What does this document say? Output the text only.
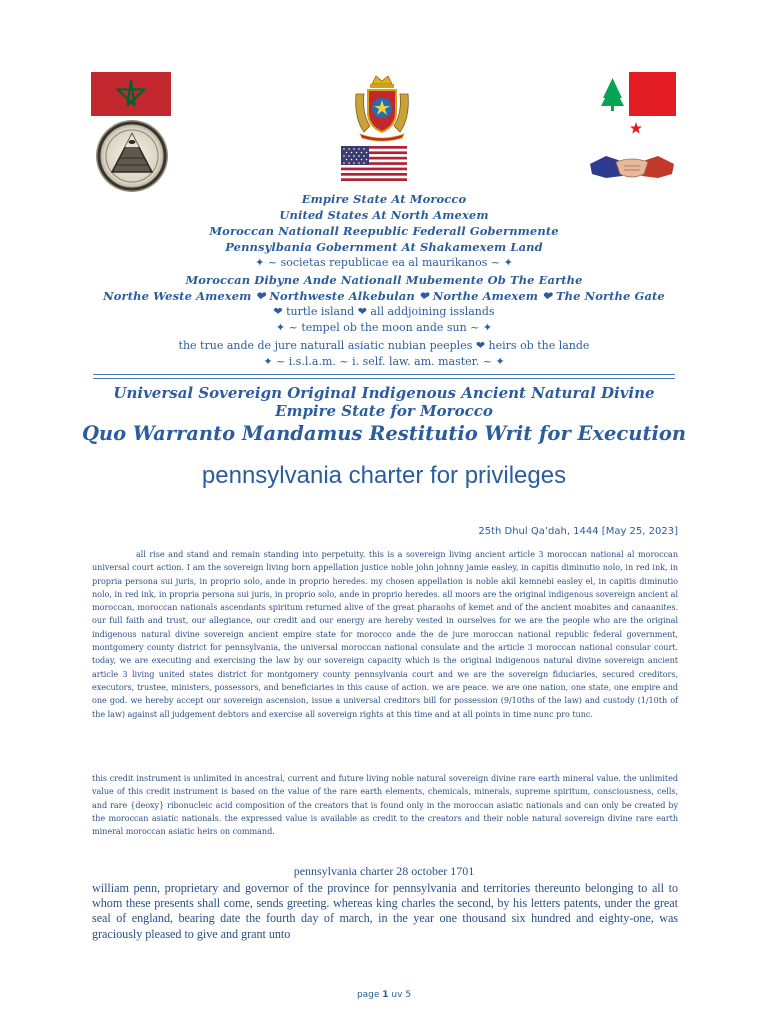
Empire State At Morocco
United States At North Amexem
Moroccan Nationall Reepublic Federall Gobernmente
Pennsylbania Gobernment At Shakamexem Land
✦ ~ societas republicae ea al maurikanos ~ ✦
Moroccan Dibyne Ande Nationall Mubemente Ob The Earthe
Northe Weste Amexem ❤ Northweste Alkebulan ❤ Northe Amexem ❤ The Northe Gate
❤ turtle island ❤ all addjoining isslands
✦ ~ tempel ob the moon ande sun ~ ✦
the true ande de jure naturall asiatic nubian peeples ❤ heirs ob the lande
✦ ~ i.s.l.a.m. ~ i. self. law. am. master. ~ ✦
Universal Sovereign Original Indigenous Ancient Natural Divine
Empire State for Morocco
Quo Warranto Mandamus Restitutio Writ for Execution
pennsylvania charter for privileges
25th Dhul Qa’dah, 1444 [May 25, 2023]
all rise and stand and remain standing into perpetuity. this is a sovereign living ancient article 3 moroccan national al moroccan universal court action. I am the sovereign living born appellation justice noble john johnny jamie easley, in capitis diminutio nolo, in red ink, in propria persona sui juris, in proprio solo, ande in proprio heredes. my chosen appellation is noble akil kemnebi easley el, in capitis diminutio nolo, in red ink, in propria persona sui juris, in proprio solo, ande in proprio heredes. all moors are the original indigenous sovereign ancient al moroccan, moroccan nationals ascendants spiritum returned alive of the great pharaohs of kemet and of the ancient moabites and canaanites. our full faith and trust, our allegiance, our credit and our energy are hereby vested in ourselves for we are the people who are the original indigenous natural divine sovereign ancient empire state for morocco ande the de jure moroccan national republic federal government, montgomery county district for pennsylvania, the universal moroccan national consulate and the article 3 moroccan national consular court. today, we are executing and exercising the law by our sovereign capacity which is the original indigenous natural divine sovereign ancient article 3 living united states district for montgomery county pennsylvania court and we are the sovereign fiduciaries, secured creditors, executors, trustee, ministers, possessors, and beneficiaries in this cause of action. we are peace. we are one nation, one state, one empire and one god. we hereby accept our sovereign ascension, issue a universal creditors bill for possession (9/10ths of the law) and custody (1/10th of the law) against all judgement debtors and exercise all sovereign rights at this time and at all points in time nunc pro tunc.
this credit instrument is unlimited in ancestral, current and future living noble natural sovereign divine rare earth mineral value. the unlimited value of this credit instrument is based on the value of the rare earth elements, chemicals, minerals, supreme spiritum, consciousness, cells, and rare {deoxy} ribonucleic acid composition of the creators that is found only in the moroccan asiatic nationals and can only be created by the moroccan asiatic nationals. the expressed value is available as credit to the creators and their noble natural sovereign divine rare earth mineral moroccan asiatic heirs on command.
pennsylvania charter 28 october 1701
william penn, proprietary and governor of the province for pennsylvania and territories thereunto belonging to all to whom these presents shall come, sends greeting. whereas king charles the second, by his letters patents, under the great seal of england, bearing date the fourth day of march, in the year one thousand six hundred and eighty-one, was graciously pleased to give and grant unto
page 1 uv 5
